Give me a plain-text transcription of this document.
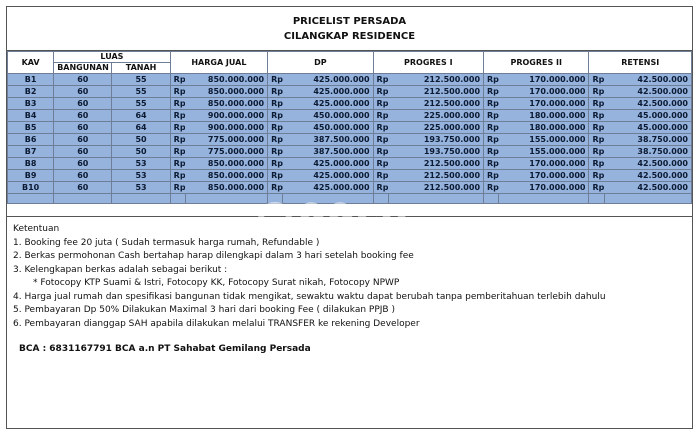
PRICELIST PERSADA
CILANGKAP RESIDENCE
KAV	LUAS		HARGA JUAL		DP		PROGRES I		PROGRES II		RETENSI	
	BANGUNAN	TANAH										
B1	60	55	Rp	850.000.000	Rp	425.000.000	Rp	212.500.000	Rp	170.000.000	Rp	42.500.000
B2	60	55	Rp	850.000.000	Rp	425.000.000	Rp	212.500.000	Rp	170.000.000	Rp	42.500.000
B3	60	55	Rp	850.000.000	Rp	425.000.000	Rp	212.500.000	Rp	170.000.000	Rp	42.500.000
B4	60	64	Rp	900.000.000	Rp	450.000.000	Rp	225.000.000	Rp	180.000.000	Rp	45.000.000
B5	60	64	Rp	900.000.000	Rp	450.000.000	Rp	225.000.000	Rp	180.000.000	Rp	45.000.000
B6	60	50	Rp	775.000.000	Rp	387.500.000	Rp	193.750.000	Rp	155.000.000	Rp	38.750.000
B7	60	50	Rp	775.000.000	Rp	387.500.000	Rp	193.750.000	Rp	155.000.000	Rp	38.750.000
B8	60	53	Rp	850.000.000	Rp	425.000.000	Rp	212.500.000	Rp	170.000.000	Rp	42.500.000
B9	60	53	Rp	850.000.000	Rp	425.000.000	Rp	212.500.000	Rp	170.000.000	Rp	42.500.000
B10	60	53	Rp	850.000.000	Rp	425.000.000	Rp	212.500.000	Rp	170.000.000	Rp	42.500.000

Ketentuan
1. Booking fee 20 juta ( Sudah termasuk harga rumah, Refundable )
2. Berkas permohonan Cash bertahap harap dilengkapi dalam 3 hari setelah booking fee
3. Kelengkapan berkas adalah sebagai berikut :
* Fotocopy KTP Suami & Istri, Fotocopy KK, Fotocopy Surat nikah, Fotocopy NPWP
4. Harga jual rumah dan spesifikasi bangunan tidak mengikat, sewaktu waktu dapat berubah tanpa pemberitahuan terlebih dahulu
5. Pembayaran Dp 50% Dilakukan Maximal 3 hari dari booking Fee ( dilakukan PPJB )
6. Pembayaran dianggap SAH apabila dilakukan melalui TRANSFER ke rekening Developer
BCA : 6831167791 BCA a.n PT Sahabat Gemilang Persada
99co
